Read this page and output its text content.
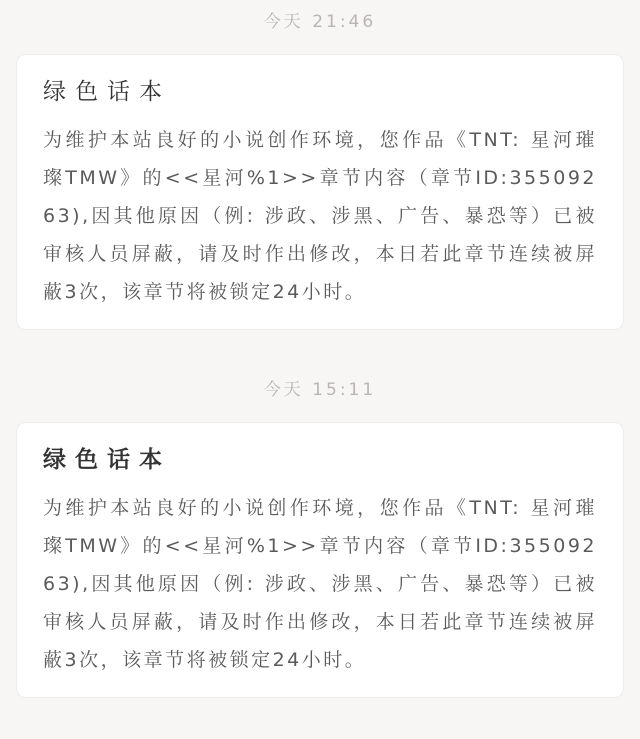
今天 21:46
绿色话本
为维护本站良好的小说创作环境，您作品《TNT: 星河璀璨TMW》的<<星河%1>>章节内容（章节ID:35509263),因其他原因（例: 涉政、涉黑、广告、暴恐等）已被审核人员屏蔽，请及时作出修改，本日若此章节连续被屏蔽3次，该章节将被锁定24小时。
今天 15:11
绿色话本
为维护本站良好的小说创作环境，您作品《TNT: 星河璀璨TMW》的<<星河%1>>章节内容（章节ID:35509263),因其他原因（例: 涉政、涉黑、广告、暴恐等）已被审核人员屏蔽，请及时作出修改，本日若此章节连续被屏蔽3次，该章节将被锁定24小时。
